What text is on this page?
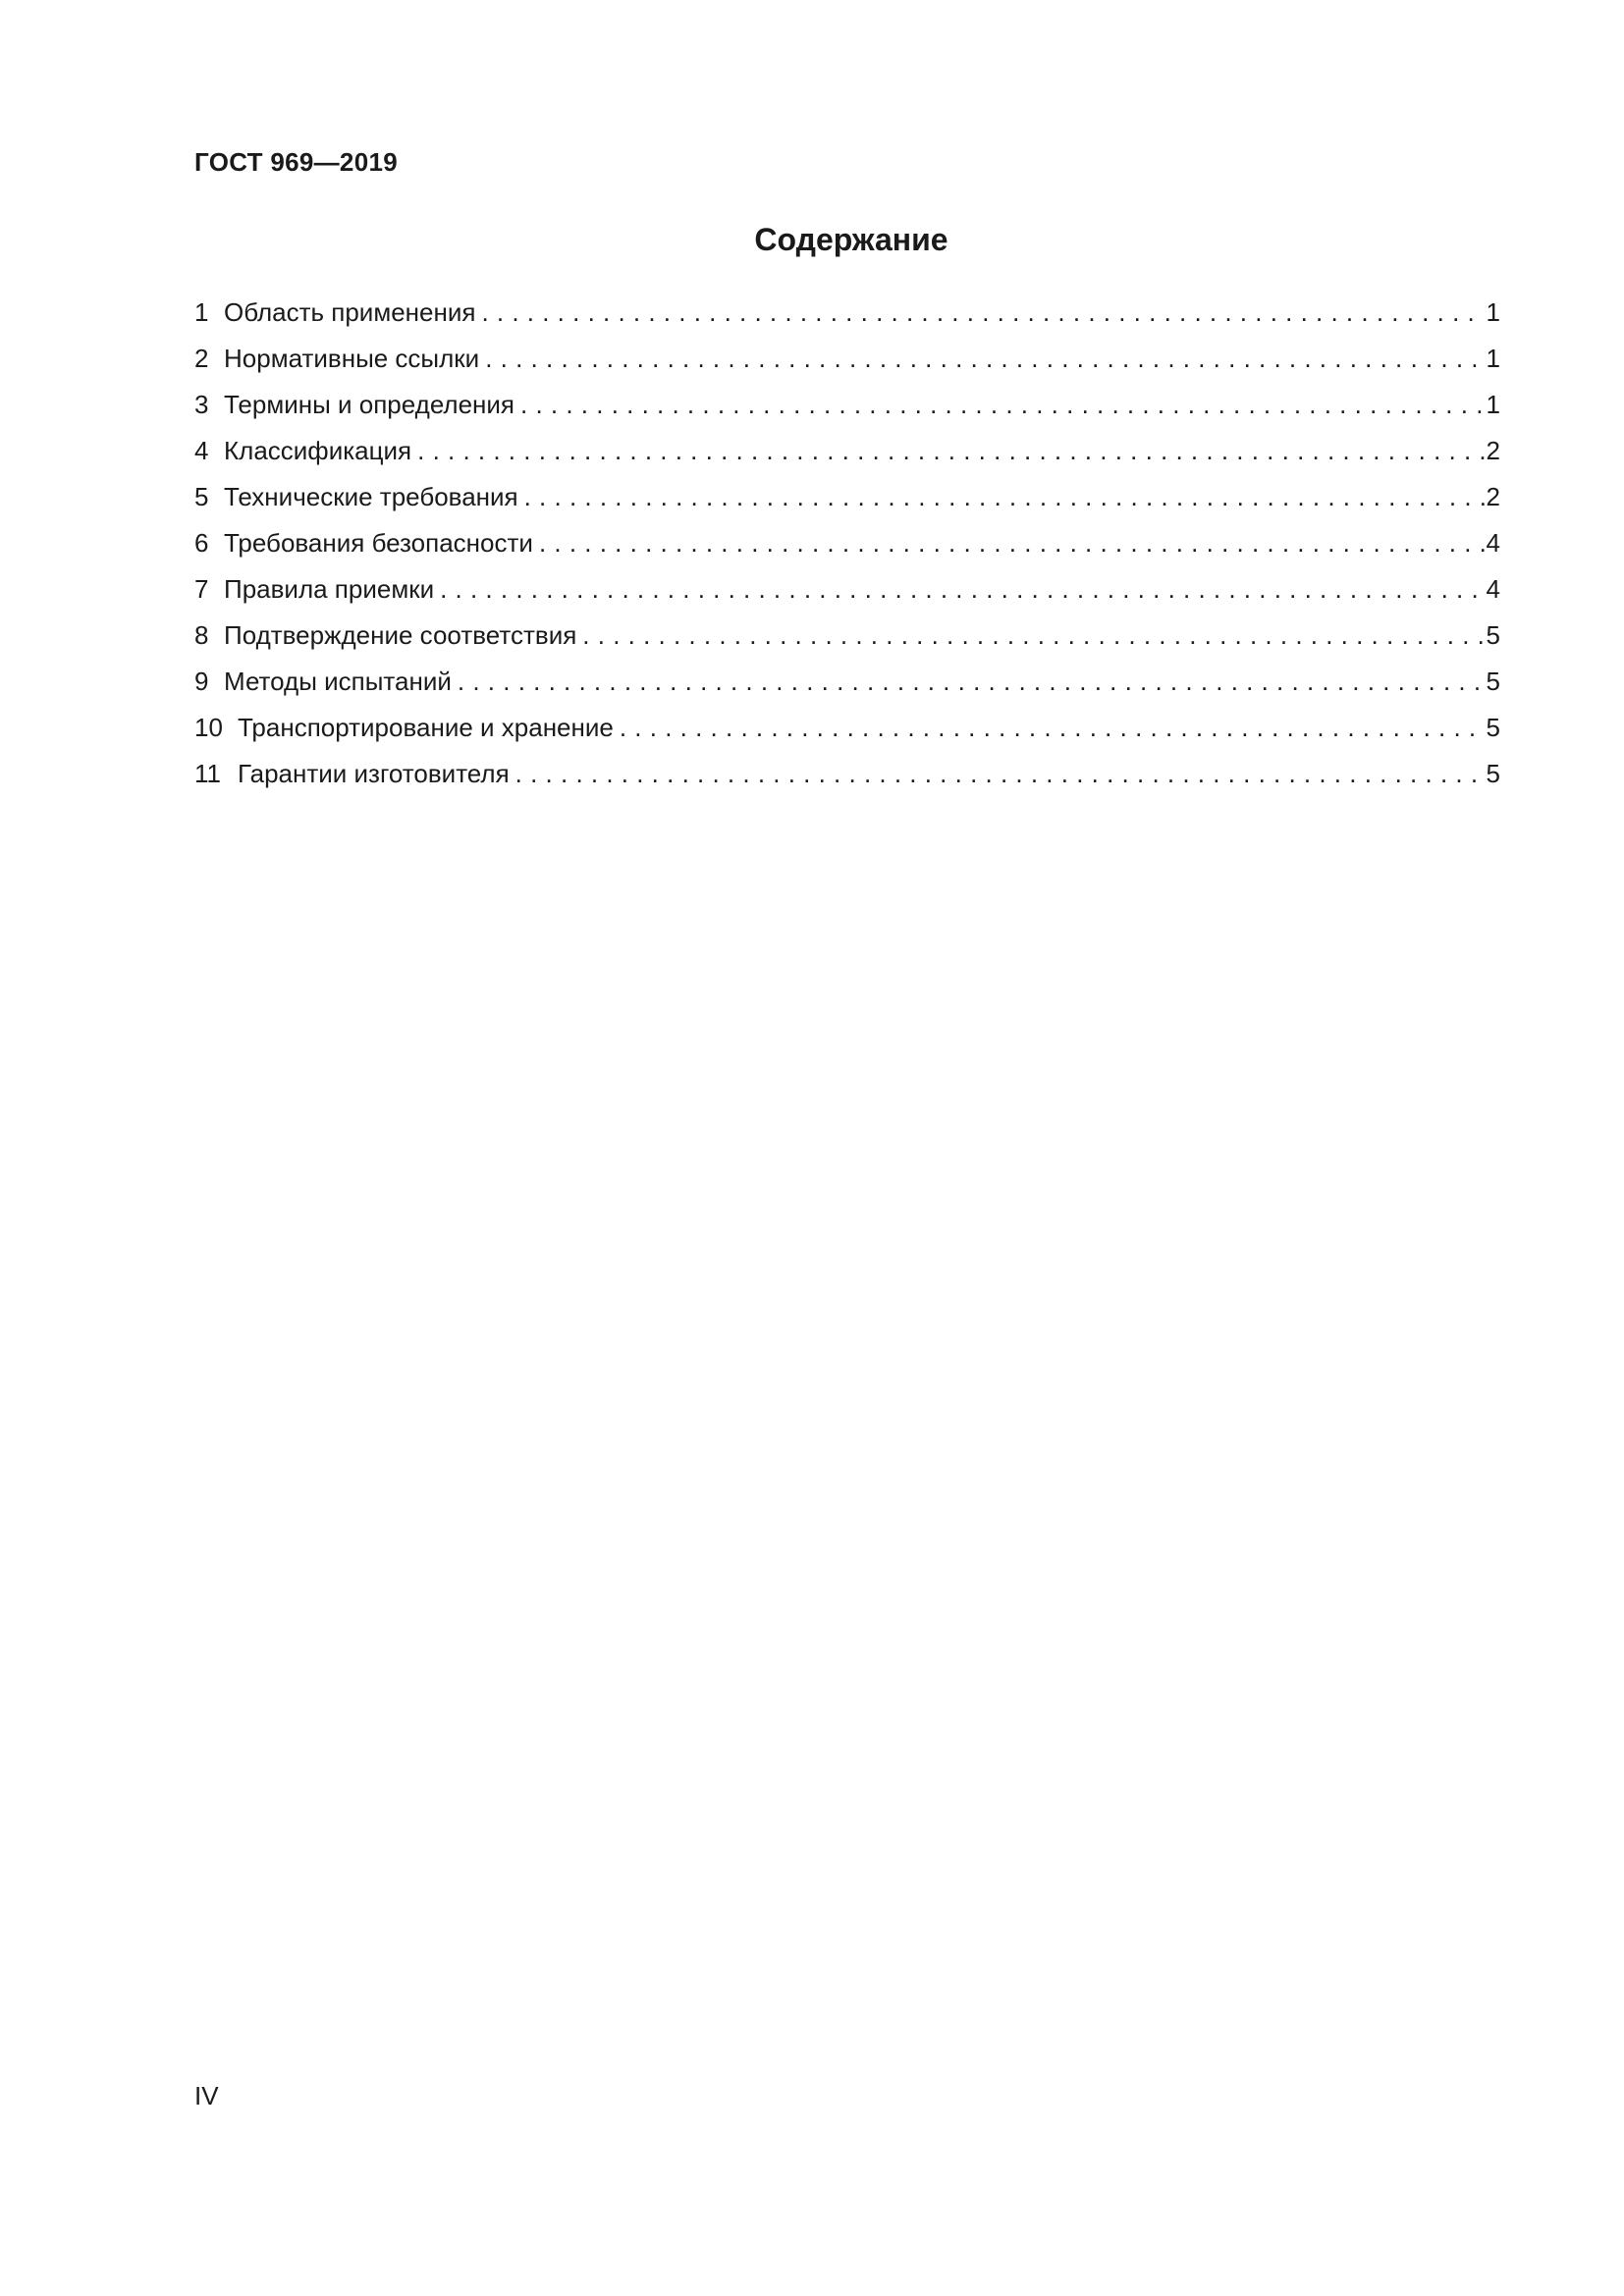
ГОСТ 969—2019
Содержание
1 Область применения . . .	1
2 Нормативные ссылки . . .	1
3 Термины и определения . . .	1
4 Классификация . . .	2
5 Технические требования . . .	2
6 Требования безопасности . . .	4
7 Правила приемки . . .	4
8 Подтверждение соответствия . . .	5
9 Методы испытаний . . .	5
10 Транспортирование и хранение . . .	5
11 Гарантии изготовителя . . .	5
IV
